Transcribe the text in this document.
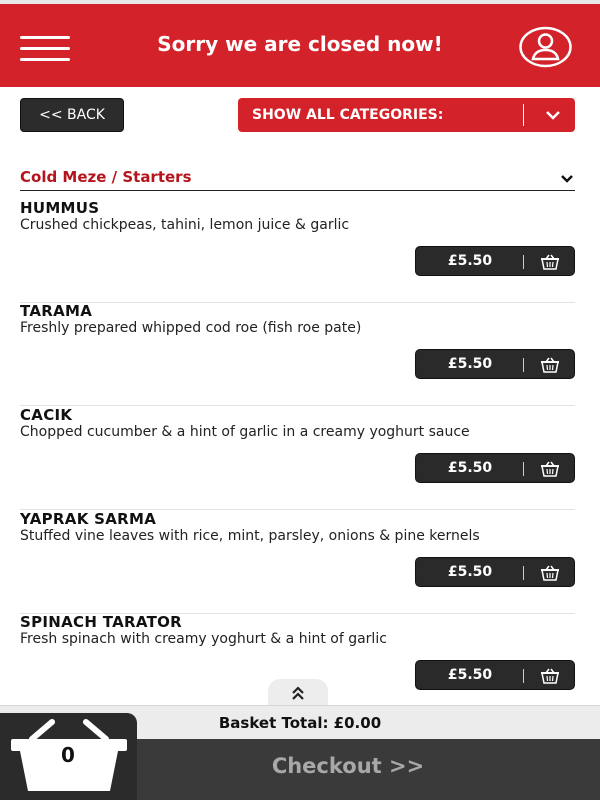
Sorry we are closed now!
<< BACK	SHOW ALL CATEGORIES:
Cold Meze / Starters
HUMMUS
Crushed chickpeas, tahini, lemon juice & garlic
£5.50
TARAMA
Freshly prepared whipped cod roe (fish roe pate)
£5.50
CACIK
Chopped cucumber & a hint of garlic in a creamy yoghurt sauce
£5.50
YAPRAK SARMA
Stuffed vine leaves with rice, mint, parsley, onions & pine kernels
£5.50
SPINACH TARATOR
Fresh spinach with creamy yoghurt & a hint of garlic
£5.50
Basket Total: £0.00
Checkout >>
0
